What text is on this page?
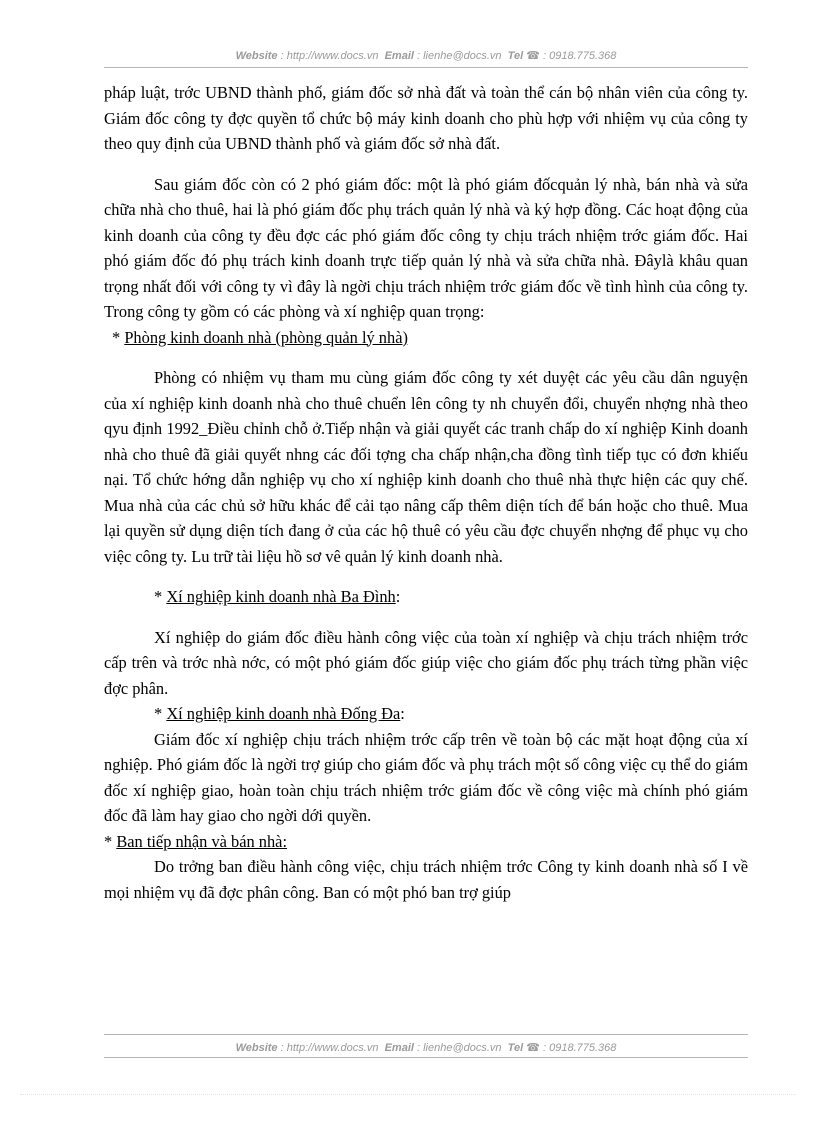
Website : http://www.docs.vn Email : lienhe@docs.vn Tel ☎ : 0918.775.368

pháp luật, trớc UBND thành phố, giám đốc sở nhà đất và toàn thể cán bộ nhân viên của công ty. Giám đốc công ty đợc quyền tổ chức bộ máy kinh doanh cho phù hợp với nhiệm vụ của công ty theo quy định của UBND thành phố và giám đốc sở nhà đất.

Sau giám đốc còn có 2 phó giám đốc: một là phó giám đốcquản lý nhà, bán nhà và sửa chữa nhà cho thuê, hai là phó giám đốc phụ trách quản lý nhà và ký hợp đồng. Các hoạt động của kinh doanh của công ty đều đợc các phó giám đốc công ty chịu trách nhiệm trớc giám đốc. Hai phó giám đốc đó phụ trách kinh doanh trực tiếp quản lý nhà và sửa chữa nhà. Đâylà khâu quan trọng nhất đối với công ty vì đây là ngời chịu trách nhiệm trớc giám đốc về tình hình của công ty. Trong công ty gồm có các phòng và xí nghiệp quan trọng:

* Phòng kinh doanh nhà (phòng quản lý nhà)

Phòng có nhiệm vụ tham mu cùng giám đốc công ty xét duyệt các yêu cầu dân nguyện của xí nghiệp kinh doanh nhà cho thuê chuển lên công ty nh chuyển đổi, chuyển nhợng nhà theo qyu định 1992_Điều chỉnh chỗ ở.Tiếp nhận và giải quyết các tranh chấp do xí nghiệp Kinh doanh nhà cho thuê đã giải quyết nhng các đối tợng cha chấp nhận,cha đồng tình tiếp tục có đơn khiếu nại. Tổ chức hớng dẫn nghiệp vụ cho xí nghiệp kinh doanh cho thuê nhà thực hiện các quy chế. Mua nhà của các chủ sở hữu khác để cải tạo nâng cấp thêm diện tích để bán hoặc cho thuê. Mua lại quyền sử dụng diện tích đang ở của các hộ thuê có yêu cầu đợc chuyển nhợng để phục vụ cho việc công ty. Lu trữ tài liệu hồ sơ vê quản lý kinh doanh nhà.

* Xí nghiệp kinh doanh nhà Ba Đình:

Xí nghiệp do giám đốc điều hành công việc của toàn xí nghiệp và chịu trách nhiệm trớc cấp trên và trớc nhà nớc, có một phó giám đốc giúp việc cho giám đốc phụ trách từng phần việc đợc phân.

* Xí nghiệp kinh doanh nhà Đống Đa:

Giám đốc xí nghiệp chịu trách nhiệm trớc cấp trên về toàn bộ các mặt hoạt động của xí nghiệp. Phó giám đốc là ngời trợ giúp cho giám đốc và phụ trách một số công việc cụ thể do giám đốc xí nghiệp giao, hoàn toàn chịu trách nhiệm trớc giám đốc về công việc mà chính phó giám đốc đã làm hay giao cho ngời dới quyền.

* Ban tiếp nhận và bán nhà:

Do trởng ban điều hành công việc, chịu trách nhiệm trớc Công ty kinh doanh nhà số I về mọi nhiệm vụ đã đợc phân công. Ban có một phó ban trợ giúp

Website : http://www.docs.vn Email : lienhe@docs.vn Tel ☎ : 0918.775.368
